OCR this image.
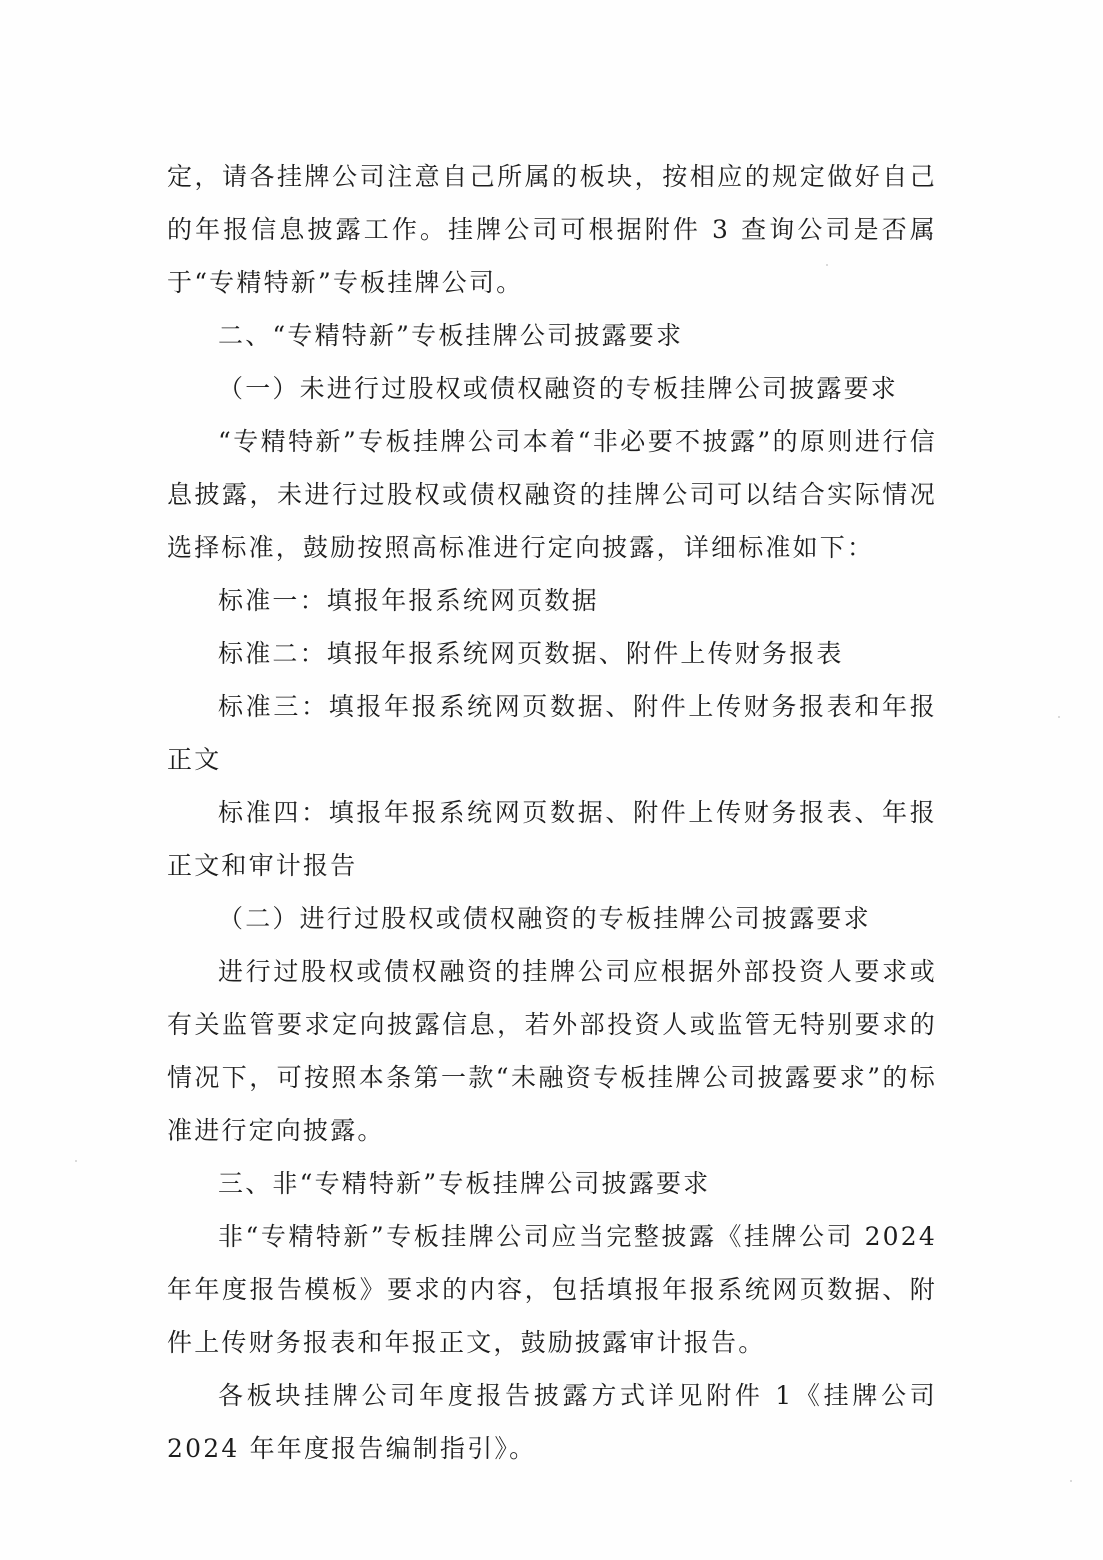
定，请各挂牌公司注意自己所属的板块，按相应的规定做好自己的年报信息披露工作。挂牌公司可根据附件 3 查询公司是否属于“专精特新”专板挂牌公司。

二、“专精特新”专板挂牌公司披露要求

（一）未进行过股权或债权融资的专板挂牌公司披露要求

“专精特新”专板挂牌公司本着“非必要不披露”的原则进行信息披露，未进行过股权或债权融资的挂牌公司可以结合实际情况选择标准，鼓励按照高标准进行定向披露，详细标准如下：

标准一：填报年报系统网页数据

标准二：填报年报系统网页数据、附件上传财务报表

标准三：填报年报系统网页数据、附件上传财务报表和年报正文

标准四：填报年报系统网页数据、附件上传财务报表、年报正文和审计报告

（二）进行过股权或债权融资的专板挂牌公司披露要求

进行过股权或债权融资的挂牌公司应根据外部投资人要求或有关监管要求定向披露信息，若外部投资人或监管无特别要求的情况下，可按照本条第一款“未融资专板挂牌公司披露要求”的标准进行定向披露。

三、非“专精特新”专板挂牌公司披露要求

非“专精特新”专板挂牌公司应当完整披露《挂牌公司 2024 年年度报告模板》要求的内容，包括填报年报系统网页数据、附件上传财务报表和年报正文，鼓励披露审计报告。

各板块挂牌公司年度报告披露方式详见附件 1《挂牌公司 2024 年年度报告编制指引》。
